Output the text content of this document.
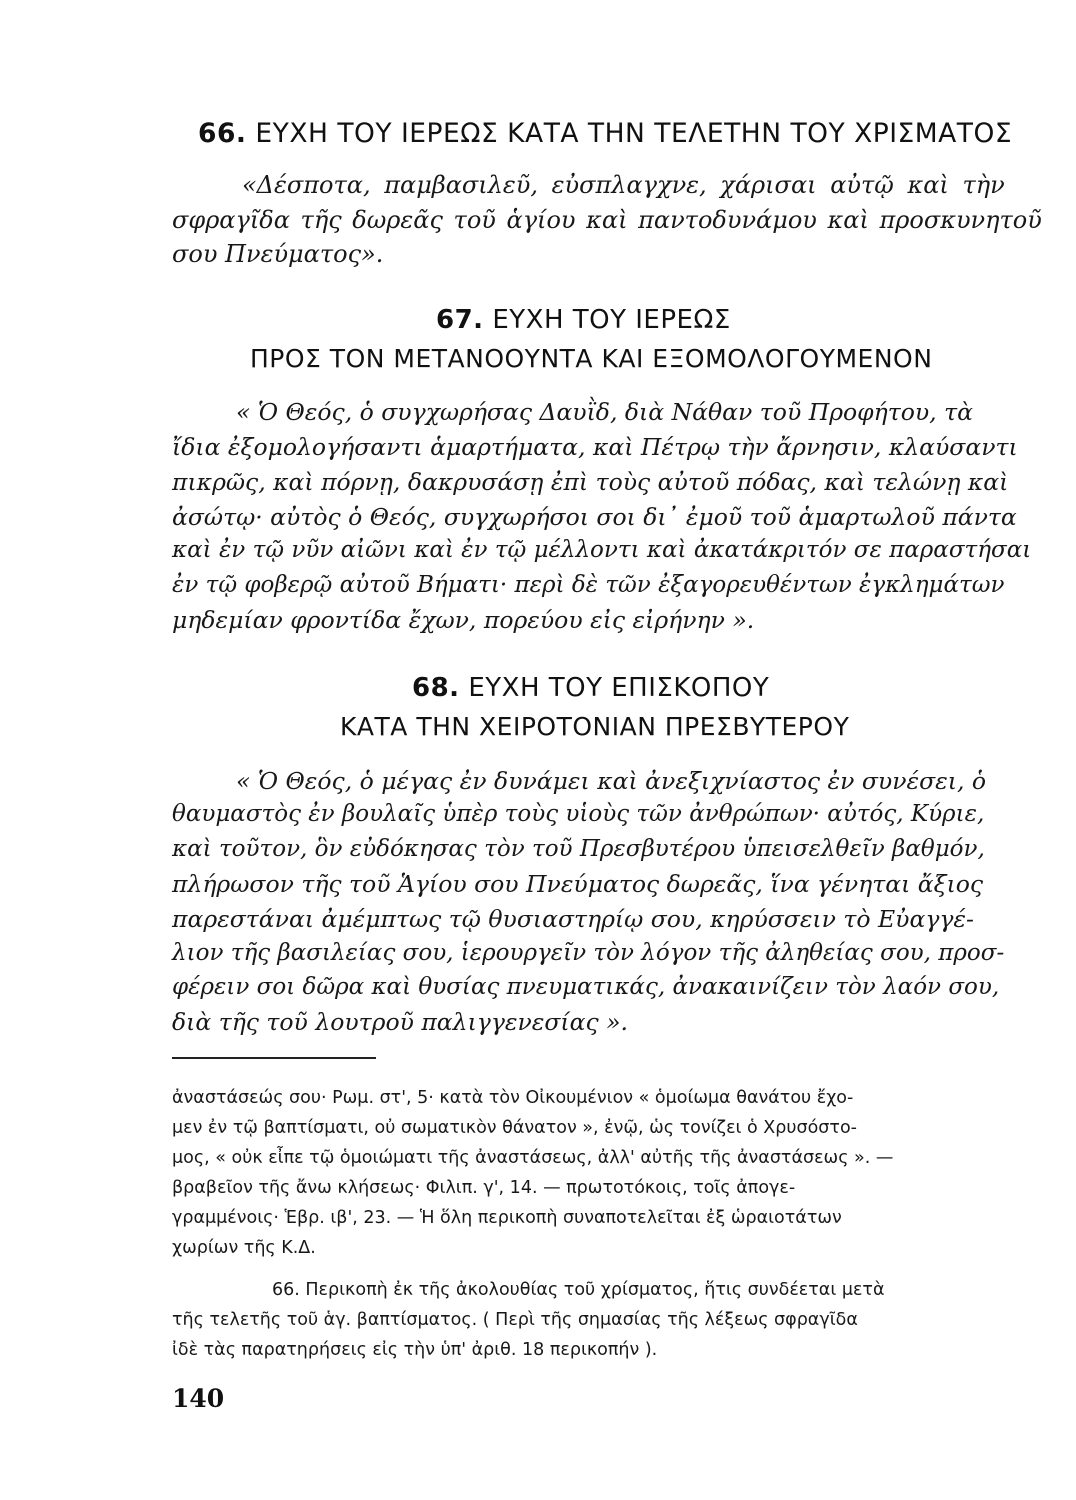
66. ΕΥΧΗ ΤΟΥ ΙΕΡΕΩΣ ΚΑΤΑ ΤΗΝ ΤΕΛΕΤΗΝ ΤΟΥ ΧΡΙΣΜΑΤΟΣ
«Δέσποτα, παμβασιλεῦ, εὐσπλαγχνε, χάρισαι αὐτῷ καὶ τὴν
σφραγῖδα τῆς δωρεᾶς τοῦ ἁγίου καὶ παντοδυνάμου καὶ προσκυνητοῦ
σου Πνεύματος».
67. ΕΥΧΗ ΤΟΥ ΙΕΡΕΩΣ
ΠΡΟΣ ΤΟΝ ΜΕΤΑΝΟΟΥΝΤΑ ΚΑΙ ΕΞΟΜΟΛΟΓΟΥΜΕΝΟΝ
« Ὁ Θεός, ὁ συγχωρήσας Δαυῒδ, διὰ Νάθαν τοῦ Προφήτου, τὰ
ἴδια ἐξομολογήσαντι ἁμαρτήματα, καὶ Πέτρῳ τὴν ἄρνησιν, κλαύσαντι
πικρῶς, καὶ πόρνῃ, δακρυσάσῃ ἐπὶ τοὺς αὐτοῦ πόδας, καὶ τελώνῃ καὶ
ἀσώτῳ· αὐτὸς ὁ Θεός, συγχωρήσοι σοι δι᾽ ἐμοῦ τοῦ ἁμαρτωλοῦ πάντα
καὶ ἐν τῷ νῦν αἰῶνι καὶ ἐν τῷ μέλλοντι καὶ ἀκατάκριτόν σε παραστήσαι
ἐν τῷ φοβερῷ αὐτοῦ Βήματι· περὶ δὲ τῶν ἐξαγορευθέντων ἐγκλημάτων
μηδεμίαν φροντίδα ἔχων, πορεύου εἰς εἰρήνην ».
68. ΕΥΧΗ ΤΟΥ ΕΠΙΣΚΟΠΟΥ
ΚΑΤΑ ΤΗΝ ΧΕΙΡΟΤΟΝΙΑΝ ΠΡΕΣΒΥΤΕΡΟΥ
« Ὁ Θεός, ὁ μέγας ἐν δυνάμει καὶ ἀνεξιχνίαστος ἐν συνέσει, ὁ
θαυμαστὸς ἐν βουλαῖς ὑπὲρ τοὺς υἱοὺς τῶν ἀνθρώπων· αὐτός, Κύριε,
καὶ τοῦτον, ὃν εὐδόκησας τὸν τοῦ Πρεσβυτέρου ὑπεισελθεῖν βαθμόν,
πλήρωσον τῆς τοῦ Ἁγίου σου Πνεύματος δωρεᾶς, ἵνα γένηται ἄξιος
παρεστάναι ἀμέμπτως τῷ θυσιαστηρίῳ σου, κηρύσσειν τὸ Εὐαγγέ-
λιον τῆς βασιλείας σου, ἱερουργεῖν τὸν λόγον τῆς ἀληθείας σου, προσ-
φέρειν σοι δῶρα καὶ θυσίας πνευματικάς, ἀνακαινίζειν τὸν λαόν σου,
διὰ τῆς τοῦ λουτροῦ παλιγγενεσίας ».
ἀναστάσεώς σου· Ρωμ. στ', 5· κατὰ τὸν Οἰκουμένιον « ὁμοίωμα θανάτου ἔχο-
μεν ἐν τῷ βαπτίσματι, οὐ σωματικὸν θάνατον », ἐνῷ, ὡς τονίζει ὁ Χρυσόστο-
μος, « οὐκ εἶπε τῷ ὁμοιώματι τῆς ἀναστάσεως, ἀλλ' αὐτῆς τῆς ἀναστάσεως ». —
βραβεῖον τῆς ἄνω κλήσεως· Φιλιπ. γ', 14. — πρωτοτόκοις, τοῖς ἀπογε-
γραμμένοις· Ἑβρ. ιβ', 23. — Ἡ ὅλη περικοπὴ συναποτελεῖται ἐξ ὡραιοτάτων
χωρίων τῆς Κ.Δ.
66. Περικοπὴ ἐκ τῆς ἀκολουθίας τοῦ χρίσματος, ἥτις συνδέεται μετὰ
τῆς τελετῆς τοῦ ἁγ. βαπτίσματος. ( Περὶ τῆς σημασίας τῆς λέξεως σφραγῖδα
ἰδὲ τὰς παρατηρήσεις εἰς τὴν ὑπ' ἀριθ. 18 περικοπήν ).
140
